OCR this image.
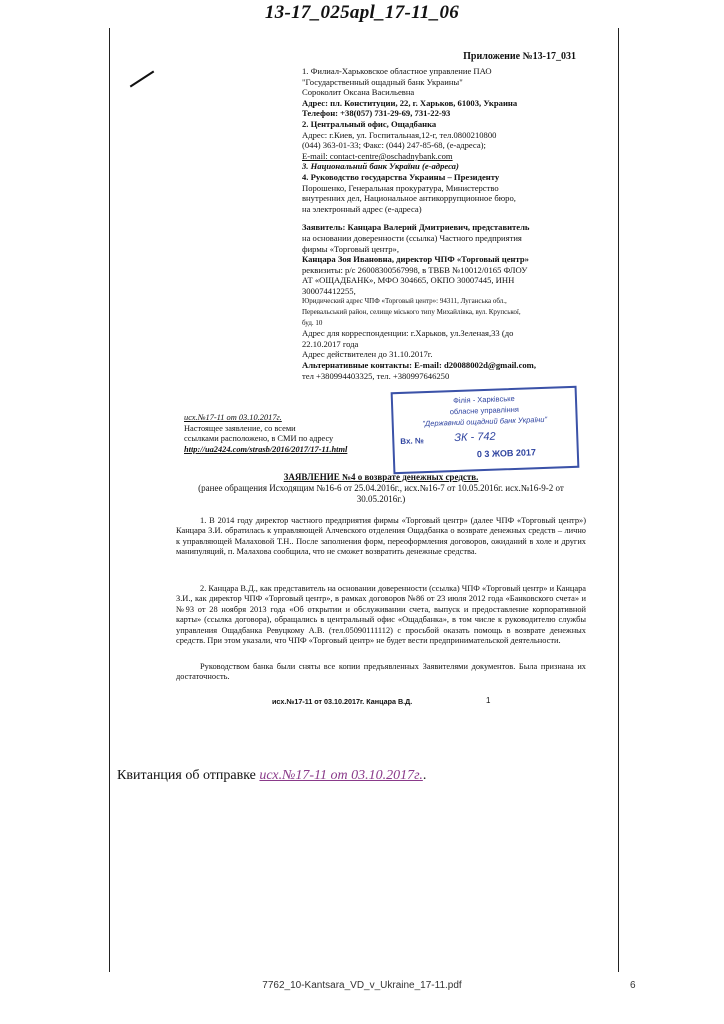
13-17_025apl_17-11_06
Приложение №13-17_031

1. Филиал-Харьковское областное управление ПАО

"Государственный ощадный банк Украины"

Сороколит Оксана Васильевна

Адрес: пл. Конституции, 22, г. Харьков, 61003, Украина

Телефон: +38(057) 731-29-69, 731-22-93

2. Центральный офис, Ощадбанка

Адрес: г.Киев, ул. Госпитальная,12-г, тел.0800210800

(044) 363-01-33; Факс: (044) 247-85-68, (е-адреса);

E-mail: contact-centre@oschadnybank.com

3. Национальний банк України (е-адреса)

4. Руководство государства Украины – Президенту

Порошенко, Генеральная прокуратура, Министерство

внутренних дел, Национальное антикоррупционное бюро,

на электронный адрес (е-адреса)

Заявитель: Канцара Валерий Дмитриевич, представитель

на основании доверенности (ссылка) Частного предприятия

фирмы «Торговый центр»,

Канцара Зоя Ивановна, директор ЧПФ «Торговый центр»

реквизиты: р/с 26008300567998, в ТВБВ №10012/0165 ФЛОУ

АТ «ОЩАДБАНК», МФО 304665, ОКПО 30007445, ИНН

300074412255,

Юридический адрес ЧПФ «Торговый центр»: 94311, Луганська обл.,

Перевальський район, селище міського типу Михайлівка, вул. Крупської,

буд. 10

Адрес для корреспонденции: г.Харьков, ул.Зеленая,33 (до

22.10.2017 года

Адрес действителен до 31.10.2017г.

Альтернативные контакты: E-mail: d20088002d@gmail.com,

тел +380994403325, тел. +380997646250

исх.№17-11 от 03.10.2017г.

Настоящее заявление, со всеми

ссылками расположено, в СМИ по адресу

http://ua2424.com/strasb/2016/2017/17-11.html

Філія - Харківське
обласне управління
"Державний ощадний банк України"
Вх. №	ЗК - 742
0 3 ЖОВ 2017

ЗАЯВЛЕНИЕ №4 о возврате денежных средств.

(ранее обращения Исходящим №16-6 от 25.04.2016г., исх.№16-7 от 10.05.2016г. исх.№16-9-2 от 30.05.2016г.)

1. В 2014 году директор частного предприятия фирмы «Торговый центр» (далее ЧПФ «Торговый центр») Канцара З.И. обратилась к управляющей Алчевского отделения Ощадбанка о возврате денежных средств – лично к управляющей Малаховой Т.Н.. После заполнения форм, переоформления договоров, ожиданий в холе и других манипуляций, п. Малахова сообщила, что не сможет возвратить денежные средства.

2. Канцара В.Д., как представитель на основании доверенности (ссылка) ЧПФ «Торговый центр» и Канцара З.И., как директор ЧПФ «Торговый центр», в рамках договоров №86 от 23 июля 2012 года «Банковского счета» и №93 от 28 ноября 2013 года «Об открытии и обслуживании счета, выпуск и предоставление корпоративной карты» (ссылка договора), обращались в центральный офис «Ощадбанка», в том числе к руководителю службы управления Ощадбанка Ревуцкому А.В. (тел.05090111112) с просьбой оказать помощь в возврате денежных средств. При этом указали, что ЧПФ «Торговый центр» не будет вести предпринимательской деятельности.

Руководством банка были сняты все копии предъявленных Заявителями документов. Была признана их достаточность.

исх.№17-11 от 03.10.2017г. Канцара В.Д.	1
Квитанция об отправке исх.№17-11 от 03.10.2017г..
7762_10-Kantsara_VD_v_Ukraine_17-11.pdf	6
